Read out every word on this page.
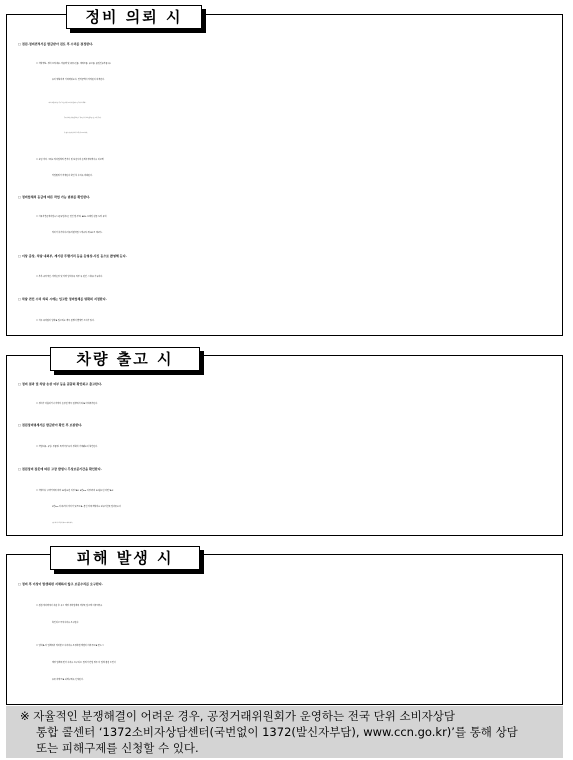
정비 의뢰 시
차량 출고 시
피해 발생 시
□ 점검·정비견적서를 발급받아 검토 후 수리를 결정한다.
ㅇ 차량정보, 정비 요청내용, 부품명 및 종류(신품, 재제조품, 중고품, 품질인증부품 등)
등이 명확하게 기재되었는지, 견적금액이 적정한지 따져본다.
※ 다만 정비를 하지 않는 경우 견적료(교통사고등의 처리를 목적으로 견적서만 발행하는
경우)나 진단료(정비료를 받지 않는 경우로서 미리 진단료를 받을 것을 고지한 경우)가
청구될 수 있음(자동차관리법 시행규칙 137조 제1항).
ㅇ 보험 처리 시에는 정비업체의 견적서 및 보험사의 손해사정내역서를 비교해
작업범위가 적정한지 확인 후 수리를 의뢰한다.
□ 정비업체의 등급에 따른 작업 가능 범위를 확인한다.
ㅇ 자동차전문정비업(구 3급공업사)은 엔진 탈·부착, ABS, 프레임 판금·도장 등의
정비가 불가하다(자동차관리법 시행규칙 제131조 제1항).
□ 이상 증상, 차량 내외부, 계기판 주행거리 등을 동영상·사진 등으로 촬영해 둔다.
ㅇ 추후 증상개선, 차량손상 및 차량 임의사용 여부 등 판단 시 활용 가능하다.
□ 차량 견인 수리 의뢰 시에는 입고할 정비업체를 명확히 지정한다.
ㅇ 차주 동의없이 임의로 입고되는 경우 분쟁이 발생할 소지가 있다.
□ 정비 결과 및 차량 손상 여부 등을 꼼꼼히 확인하고 출고한다.
ㅇ 정비가 미흡하거나 차량이 손상된 경우 현장에서 바로 이의제기한다.
□ 점검정비명세서를 발급받아 확인 후 보관한다.
ㅇ 작업내용, 공임, 부품명, 특약사항 등이 정확히 기재됐는지 확인한다.
□ 점검정비 잘못에 따른 고장 발생시 무상보증기간을 확인한다.
ㅇ 차령이나 주행거리에 따라 30일(3년 이상 또는 6만km 이상)부터 90일(1년 미만 또는
2만km 이내)까지 차이가 있으므로, 본인 차에 해당하는 보증기간을 알아놓는다
(자동차관리법 시행규칙 제134조 제1항 제2호).
□ 정비 후 이상이 발생하면 지체하지 않고 보증수리를 요구한다.
ㅇ 점검·정비명세서 지참 후 즉시 해당 정비업체에 차량을 입고해 이상여부를
확인하고 무상수리를 요구한다.
ㅇ 임의로 타 업체에서 정비받고 수리비를 요청하면 해결이 어려우므로 반드시
해당 업체에 먼저 수리를 요구하고, 합의가 안될 경우 타 업체 점검 소견서
등을 바탕으로 피해구제를 신청한다.
※ 자율적인 분쟁해결이 어려운 경우, 공정거래위원회가 운영하는 전국 단위 소비자상담
통합 콜센터 ‘1372소비자상담센터(국번없이 1372(발신자부담), www.ccn.go.kr)’를 통해 상담
또는 피해구제를 신청할 수 있다.
